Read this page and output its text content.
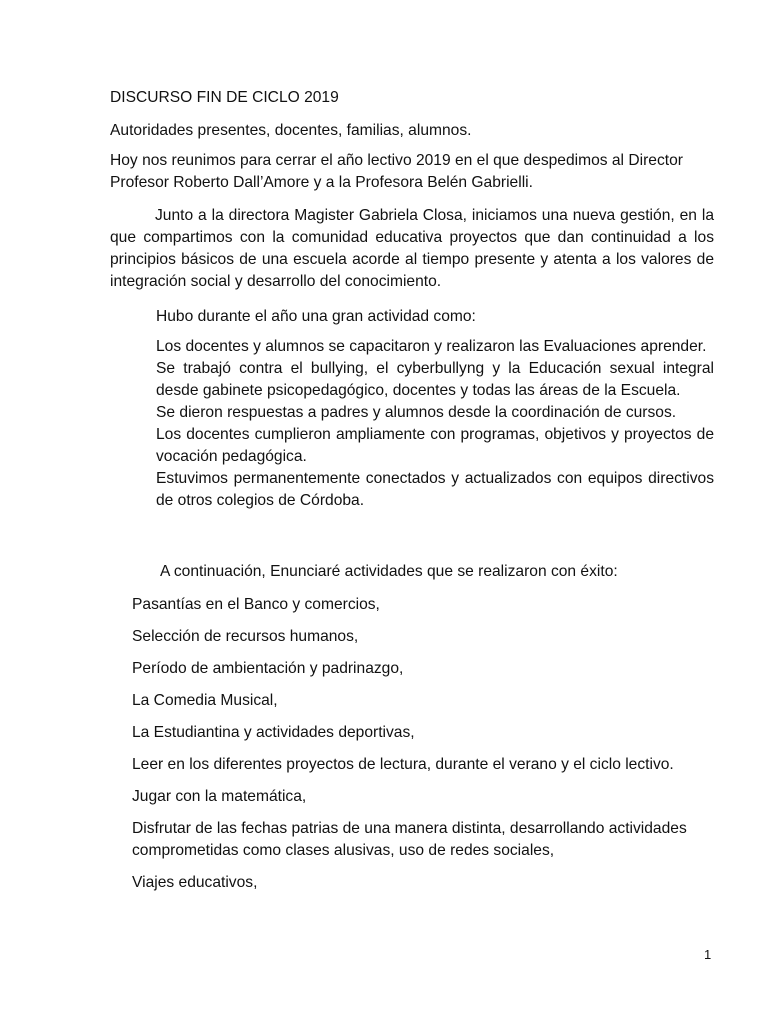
DISCURSO FIN DE CICLO 2019
Autoridades presentes, docentes, familias, alumnos.
Hoy nos reunimos para cerrar el año lectivo 2019 en el que despedimos al Director Profesor Roberto Dall’Amore y a la Profesora Belén Gabrielli.
Junto a la directora Magister Gabriela Closa, iniciamos una nueva gestión, en la que compartimos con la comunidad educativa proyectos que dan continuidad a los principios básicos de una escuela acorde al tiempo presente y atenta a los valores de integración social y desarrollo del conocimiento.
Hubo durante el año una gran actividad como:

Los docentes y alumnos se capacitaron y realizaron las Evaluaciones aprender.

Se trabajó contra el bullying, el cyberbullyng y la Educación sexual integral desde gabinete psicopedagógico, docentes y todas las áreas de la Escuela.

Se dieron respuestas a padres y alumnos desde la coordinación de cursos.

Los docentes cumplieron ampliamente con programas, objetivos y proyectos de vocación pedagógica.

Estuvimos permanentemente conectados y actualizados con equipos directivos de otros colegios de Córdoba.

A continuación, Enunciaré actividades que se realizaron con éxito:
Pasantías en el Banco y comercios,
Selección de recursos humanos,
Período de ambientación y padrinazgo,
La Comedia Musical,
La Estudiantina y actividades deportivas,
Leer en los diferentes proyectos de lectura, durante el verano y el ciclo lectivo.
Jugar con la matemática,
Disfrutar de las fechas patrias de una manera distinta, desarrollando actividades comprometidas como clases alusivas, uso de redes sociales,
Viajes educativos,
1
